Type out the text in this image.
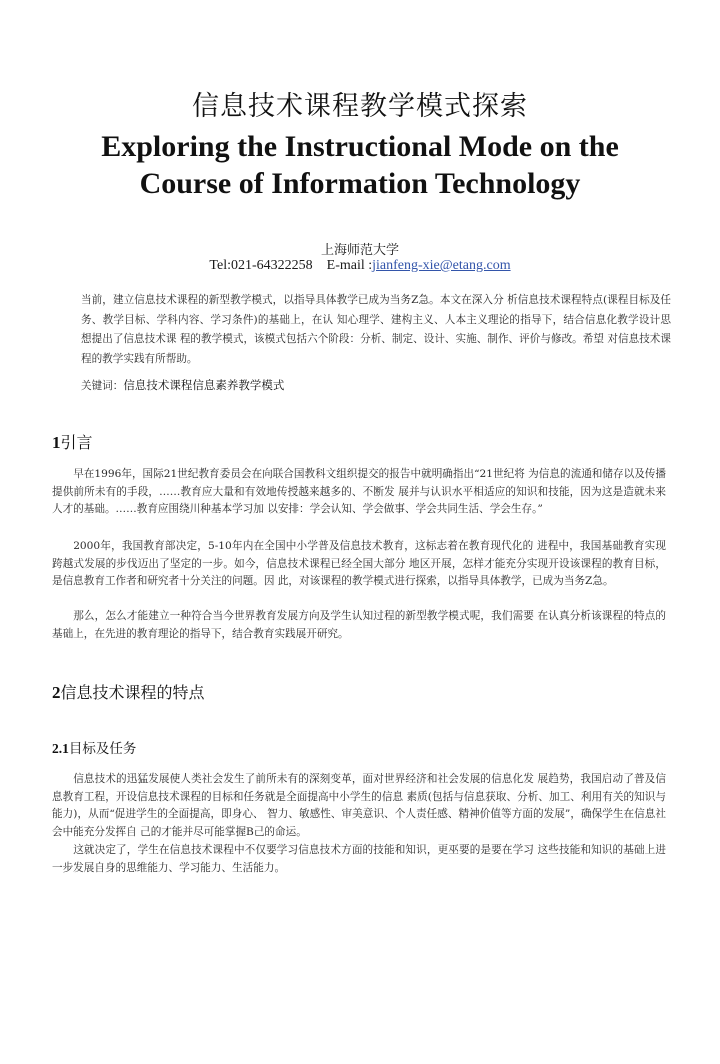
信息技术课程教学模式探索
Exploring the Instructional Mode on the Course of Information Technology
上海师范大学
Tel:021-64322258 E-mail :jianfeng-xie@etang.com

当前，建立信息技术课程的新型教学模式，以指导具体教学已成为当务Z急。本文在深入分 析信息技术课程特点(课程目标及任务、教学目标、学科内容、学习条件)的基础上，在认 知心理学、建构主义、人本主义理论的指导下，结合信息化教学设计思想提出了信息技术课 程的教学模式，该模式包括六个阶段：分析、制定、设计、实施、制作、评价与修改。希望 对信息技术课程的教学实践有所帮助。

关键词：信息技术课程信息素养教学模式
1引言

早在1996年，国际21世纪教育委员会在向联合国教科文组织提交的报告中就明确指出“21世纪将 为信息的流通和储存以及传播提供前所未有的手段，……教育应大量和有效地传授越来越多的、不断发 展并与认识水平相适应的知识和技能，因为这是造就未来人才的基础。……教育应围绕川种基本学习加 以安排：学会认知、学会做事、学会共同生活、学会生存。”

2000年，我国教育部决定，5-10年内在全国中小学普及信息技术教育，这标志着在教育现代化的 进程中，我国基础教育实现跨越式发展的步伐迈出了坚定的一步。如今，信息技术课程已经全国大部分 地区开展，怎样才能充分实现开设该课程的教育目标，是信息教育工作者和研究者十分关注的问题。因 此，对该课程的教学模式进行探索，以指导具体教学，已成为当务Z急。

那么，怎么才能建立一种符合当今世界教育发展方向及学生认知过程的新型教学模式呢，我们需要 在认真分析该课程的特点的基础上，在先进的教育理论的指导下，结合教育实践展开研究。

2信息技术课程的特点
2.1目标及任务

信息技术的迅猛发展使人类社会发生了前所未有的深刻变革，面对世界经济和社会发展的信息化发 展趋势，我国启动了普及信息教育工程，开设信息技术课程的目标和任务就是全面提高中小学生的信息 素质(包括与信息获取、分析、加工、利用有关的知识与能力)，从而“促进学生的全面提高，即身心、 智力、敏感性、审美意识、个人责任感、精神价值等方面的发展”，确保学生在信息社会中能充分发挥自 己的才能并尽可能掌握B己的命运。

这就决定了，学生在信息技术课程中不仅要学习信息技术方面的技能和知识，更巫要的是要在学习 这些技能和知识的基础上进一步发展自身的思维能力、学习能力、生活能力。
